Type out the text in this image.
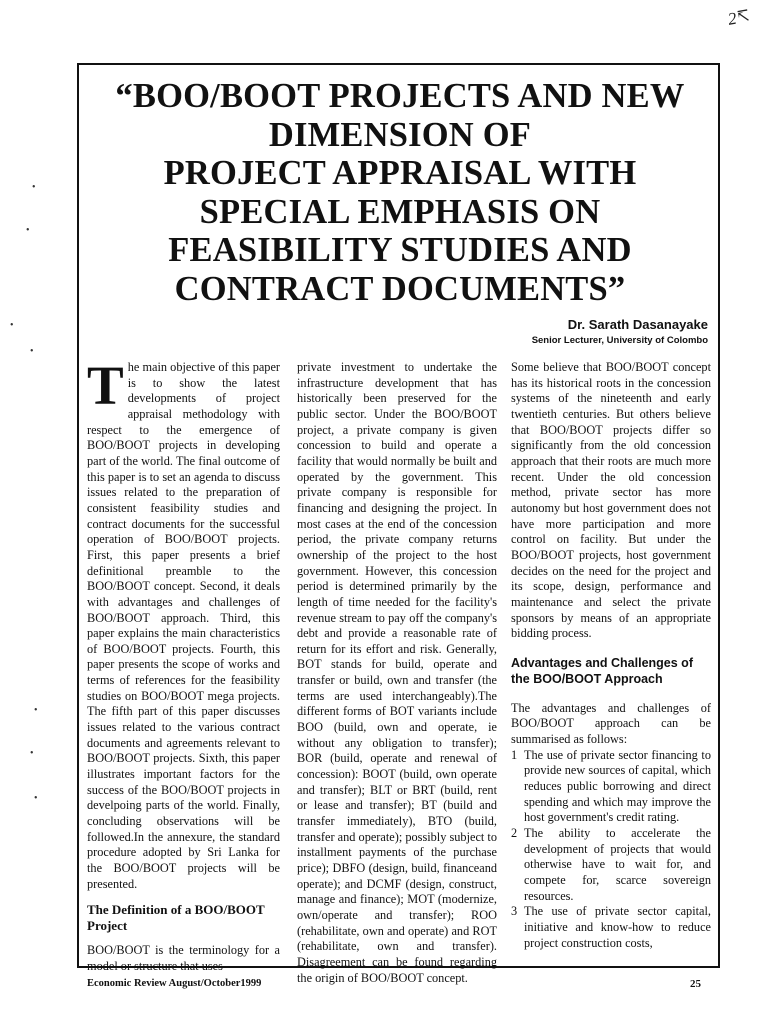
2↸
“BOO/BOOT PROJECTS AND NEW
DIMENSION OF
PROJECT APPRAISAL WITH
SPECIAL EMPHASIS ON
FEASIBILITY STUDIES AND
CONTRACT DOCUMENTS”
Dr. Sarath Dasanayake
Senior Lecturer, University of Colombo

The main objective of this paper is to show the latest developments of project appraisal methodology with respect to the emergence of BOO/BOOT projects in developing part of the world. The final outcome of this paper is to set an agenda to discuss issues related to the preparation of consistent feasibility studies and contract documents for the successful operation of BOO/BOOT projects. First, this paper presents a brief definitional preamble to the BOO/BOOT concept. Second, it deals with advantages and challenges of BOO/BOOT approach. Third, this paper explains the main characteristics of BOO/BOOT projects. Fourth, this paper presents the scope of works and terms of references for the feasibility studies on BOO/BOOT mega projects. The fifth part of this paper discusses issues related to the various contract documents and agreements relevant to BOO/BOOT projects. Sixth, this paper illustrates important factors for the success of the BOO/BOOT projects in develpoing parts of the world. Finally, concluding observations will be followed.In the annexure, the standard procedure adopted by Sri Lanka for the BOO/BOOT projects will be presented.

The Definition of a BOO/BOOT Project

BOO/BOOT is the terminology for a model or structure that uses

private investment to undertake the infrastructure development that has historically been preserved for the public sector. Under the BOO/BOOT project, a private company is given concession to build and operate a facility that would normally be built and operated by the government. This private company is responsible for financing and designing the project. In most cases at the end of the concession period, the private company returns ownership of the project to the host government. However, this concession period is determined primarily by the length of time needed for the facility's revenue stream to pay off the company's debt and provide a reasonable rate of return for its effort and risk. Generally, BOT stands for build, operate and transfer or build, own and transfer (the terms are used interchangeably).The different forms of BOT variants include BOO (build, own and operate, ie without any obligation to transfer); BOR (build, operate and renewal of concession): BOOT (build, own operate and transfer); BLT or BRT (build, rent or lease and transfer); BT (build and transfer immediately), BTO (build, transfer and operate); possibly subject to installment payments of the purchase price); DBFO (design, build, financeand operate); and DCMF (design, construct, manage and finance); MOT (modernize, own/operate and transfer); ROO (rehabilitate, own and operate) and ROT (rehabilitate, own and transfer). Disagreement can be found regarding the origin of BOO/BOOT concept.

Some believe that BOO/BOOT concept has its historical roots in the concession systems of the nineteenth and early twentieth centuries. But others believe that BOO/BOOT projects differ so significantly from the old concession approach that their roots are much more recent. Under the old concession method, private sector has more autonomy but host government does not have more participation and more control on facility. But under the BOO/BOOT projects, host government decides on the need for the project and its scope, design, performance and maintenance and select the private sponsors by means of an appropriate bidding process.

Advantages and Challenges of the BOO/BOOT Approach

The advantages and challenges of BOO/BOOT approach can be summarised as follows:

1 The use of private sector financing to provide new sources of capital, which reduces public borrowing and direct spending and which may improve the host government's credit rating.
2 The ability to accelerate the development of projects that would otherwise have to wait for, and compete for, scarce sovereign resources.
3 The use of private sector capital, initiative and know-how to reduce project construction costs,
Economic Review August/October1999	25
•
•
•
•
•
•
•
